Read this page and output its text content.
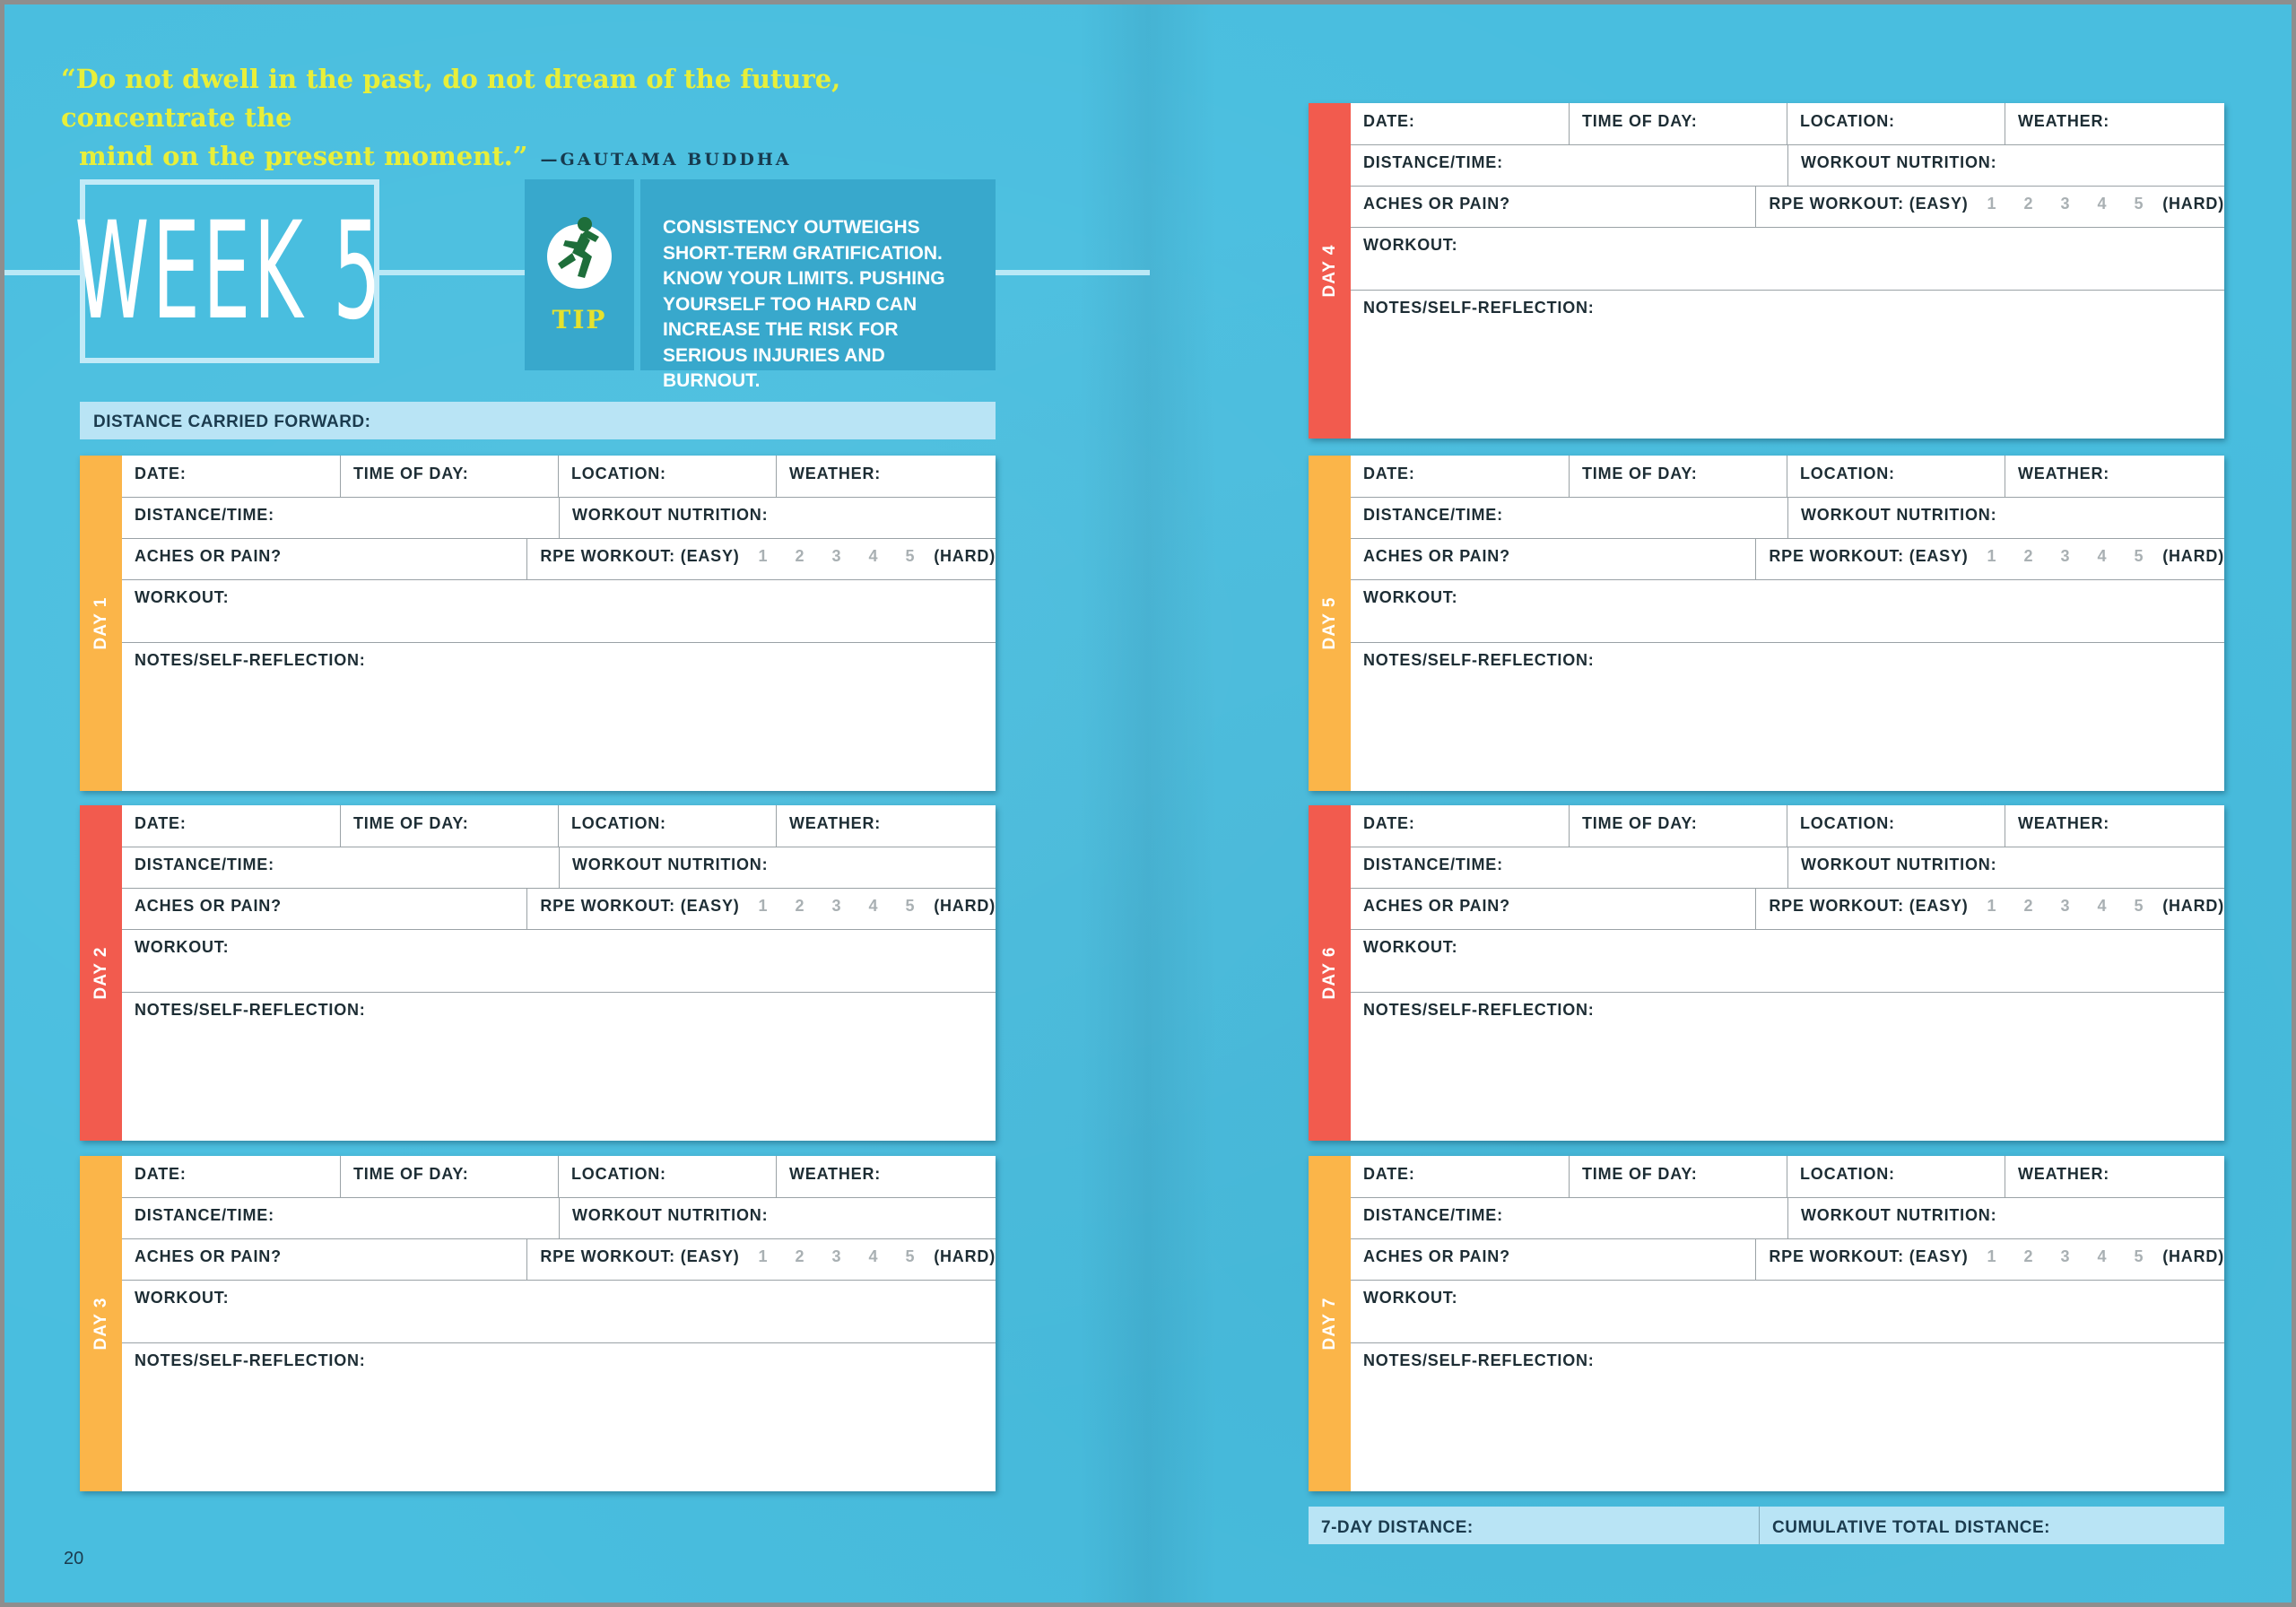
“Do not dwell in the past, do not dream of the future, concentrate the
mind on the present moment.” —GAUTAMA BUDDHA
WEEK 5	TIP
CONSISTENCY OUTWEIGHS SHORT-TERM GRATIFICATION. KNOW YOUR LIMITS. PUSHING YOURSELF TOO HARD CAN INCREASE THE RISK FOR SERIOUS INJURIES AND BURNOUT.
DISTANCE CARRIED FORWARD:
DAY 1
DATE:	TIME OF DAY:	LOCATION:	WEATHER:
DISTANCE/TIME:	WORKOUT NUTRITION:
ACHES OR PAIN?	RPE WORKOUT: (EASY) 1 2 3 4 5 (HARD)
WORKOUT:
NOTES/SELF-REFLECTION:
DAY 2
DATE:	TIME OF DAY:	LOCATION:	WEATHER:
DISTANCE/TIME:	WORKOUT NUTRITION:
ACHES OR PAIN?	RPE WORKOUT: (EASY) 1 2 3 4 5 (HARD)
WORKOUT:
NOTES/SELF-REFLECTION:
DAY 3
DATE:	TIME OF DAY:	LOCATION:	WEATHER:
DISTANCE/TIME:	WORKOUT NUTRITION:
ACHES OR PAIN?	RPE WORKOUT: (EASY) 1 2 3 4 5 (HARD)
WORKOUT:
NOTES/SELF-REFLECTION:
DAY 4
DATE:	TIME OF DAY:	LOCATION:	WEATHER:
DISTANCE/TIME:	WORKOUT NUTRITION:
ACHES OR PAIN?	RPE WORKOUT: (EASY) 1 2 3 4 5 (HARD)
WORKOUT:
NOTES/SELF-REFLECTION:
DAY 5
DATE:	TIME OF DAY:	LOCATION:	WEATHER:
DISTANCE/TIME:	WORKOUT NUTRITION:
ACHES OR PAIN?	RPE WORKOUT: (EASY) 1 2 3 4 5 (HARD)
WORKOUT:
NOTES/SELF-REFLECTION:
DAY 6
DATE:	TIME OF DAY:	LOCATION:	WEATHER:
DISTANCE/TIME:	WORKOUT NUTRITION:
ACHES OR PAIN?	RPE WORKOUT: (EASY) 1 2 3 4 5 (HARD)
WORKOUT:
NOTES/SELF-REFLECTION:
DAY 7
DATE:	TIME OF DAY:	LOCATION:	WEATHER:
DISTANCE/TIME:	WORKOUT NUTRITION:
ACHES OR PAIN?	RPE WORKOUT: (EASY) 1 2 3 4 5 (HARD)
WORKOUT:
NOTES/SELF-REFLECTION:
7-DAY DISTANCE:	CUMULATIVE TOTAL DISTANCE:
20
